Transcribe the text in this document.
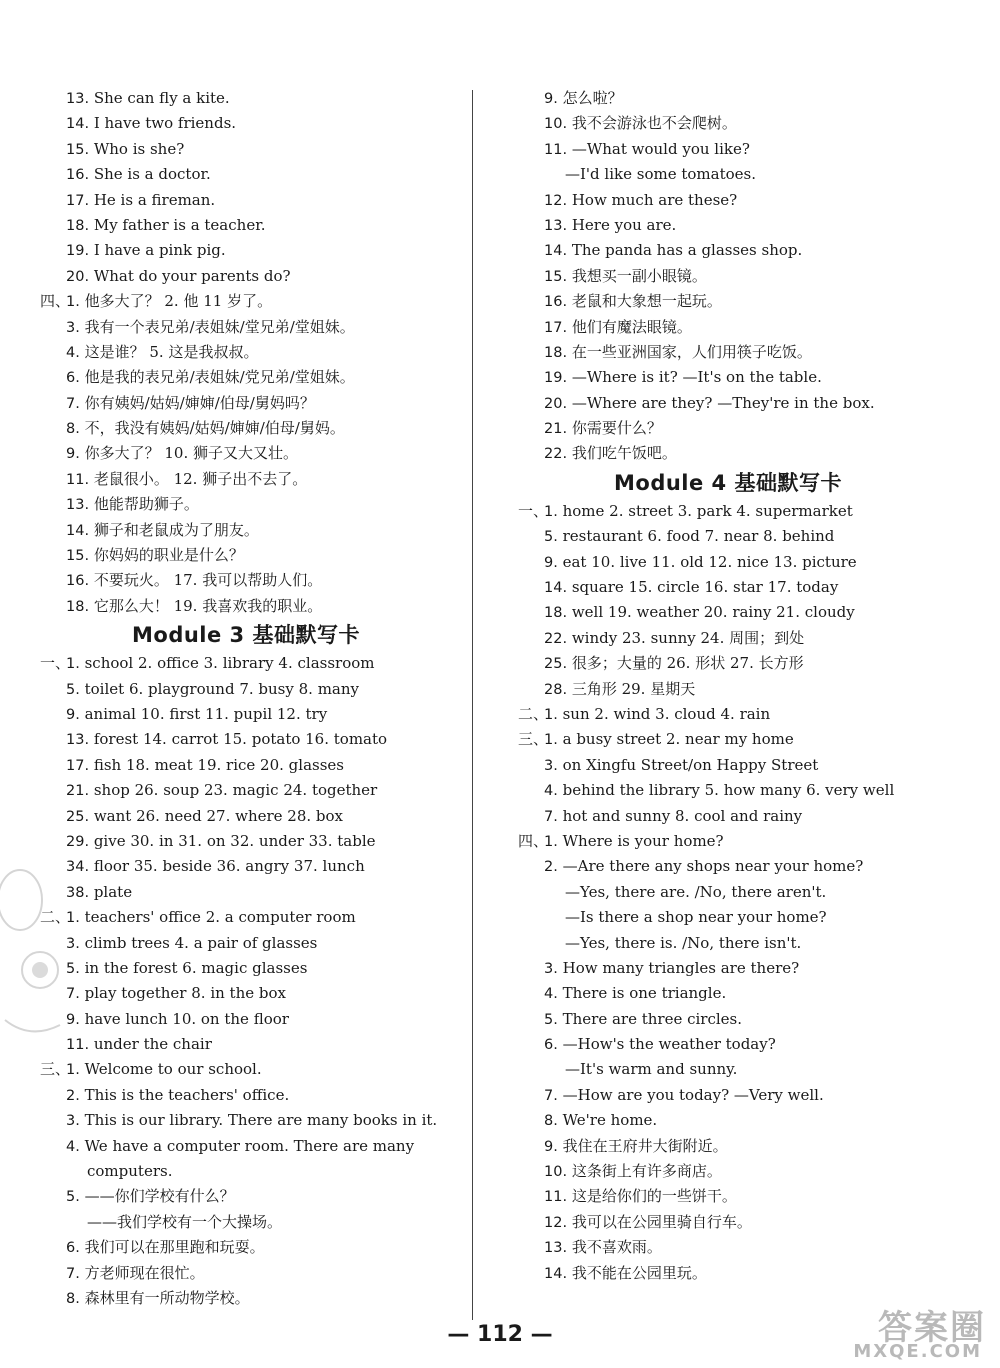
13. She can fly a kite.
14. I have two friends.
15. Who is she?
16. She is a doctor.
17. He is a fireman.
18. My father is a teacher.
19. I have a pink pig.
20. What do your parents do?
四、1. 他多大了？ 2. 他 11 岁了。
3. 我有一个表兄弟/表姐妹/堂兄弟/堂姐妹。
4. 这是谁？ 5. 这是我叔叔。
6. 他是我的表兄弟/表姐妹/党兄弟/堂姐妹。
7. 你有姨妈/姑妈/婶婶/伯母/舅妈吗？
8. 不，我没有姨妈/姑妈/婶婶/伯母/舅妈。
9. 你多大了？ 10. 狮子又大又壮。
11. 老鼠很小。 12. 狮子出不去了。
13. 他能帮助狮子。
14. 狮子和老鼠成为了朋友。
15. 你妈妈的职业是什么？
16. 不要玩火。 17. 我可以帮助人们。
18. 它那么大！ 19. 我喜欢我的职业。
Module 3 基础默写卡
一、1. school 2. office 3. library 4. classroom
5. toilet 6. playground 7. busy 8. many
9. animal 10. first 11. pupil 12. try
13. forest 14. carrot 15. potato 16. tomato
17. fish 18. meat 19. rice 20. glasses
21. shop 26. soup 23. magic 24. together
25. want 26. need 27. where 28. box
29. give 30. in 31. on 32. under 33. table
34. floor 35. beside 36. angry 37. lunch
38. plate
二、1. teachers' office 2. a computer room
3. climb trees 4. a pair of glasses
5. in the forest 6. magic glasses
7. play together 8. in the box
9. have lunch 10. on the floor
11. under the chair
三、1. Welcome to our school.
2. This is the teachers' office.
3. This is our library. There are many books in it.
4. We have a computer room. There are many
computers.
5. ——你们学校有什么？
——我们学校有一个大操场。
6. 我们可以在那里跑和玩耍。
7. 方老师现在很忙。
8. 森林里有一所动物学校。
9. 怎么啦？
10. 我不会游泳也不会爬树。
11. —What would you like?
—I'd like some tomatoes.
12. How much are these?
13. Here you are.
14. The panda has a glasses shop.
15. 我想买一副小眼镜。
16. 老鼠和大象想一起玩。
17. 他们有魔法眼镜。
18. 在一些亚洲国家，人们用筷子吃饭。
19. —Where is it? —It's on the table.
20. —Where are they? —They're in the box.
21. 你需要什么？
22. 我们吃午饭吧。
Module 4 基础默写卡
一、1. home 2. street 3. park 4. supermarket
5. restaurant 6. food 7. near 8. behind
9. eat 10. live 11. old 12. nice 13. picture
14. square 15. circle 16. star 17. today
18. well 19. weather 20. rainy 21. cloudy
22. windy 23. sunny 24. 周围；到处
25. 很多；大量的 26. 形状 27. 长方形
28. 三角形 29. 星期天
二、1. sun 2. wind 3. cloud 4. rain
三、1. a busy street 2. near my home
3. on Xingfu Street/on Happy Street
4. behind the library 5. how many 6. very well
7. hot and sunny 8. cool and rainy
四、1. Where is your home?
2. —Are there any shops near your home?
—Yes, there are. /No, there aren't.
—Is there a shop near your home?
—Yes, there is. /No, there isn't.
3. How many triangles are there?
4. There is one triangle.
5. There are three circles.
6. —How's the weather today?
—It's warm and sunny.
7. —How are you today? —Very well.
8. We're home.
9. 我住在王府井大街附近。
10. 这条街上有许多商店。
11. 这是给你们的一些饼干。
12. 我可以在公园里骑自行车。
13. 我不喜欢雨。
14. 我不能在公园里玩。
— 112 —	答案圈
MXQE.COM
